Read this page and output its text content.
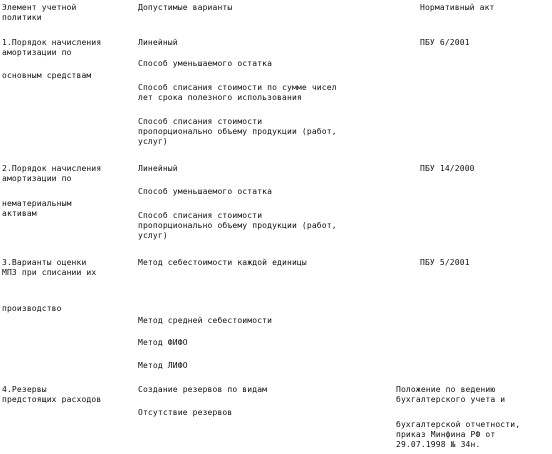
Элемент учетной
политики
Допустимые варианты	Нормативный акт
1.Порядок начисления
амортизации по
основным средствам
ПБУ 6/2001
Линейный
Способ уменьшаемого остатка
Способ списания стоимости по сумме чисел
лет срока полезного использования
Способ списания стоимости
пропорционально объему продукции (работ,
услуг)
2.Порядок начисления
амортизации по
нематериальным
активам
ПБУ 14/2000
Линейный
Способ уменьшаемого остатка
Способ списания стоимости
пропорционально объему продукции (работ,
услуг)
3.Варианты оценки
МПЗ при списании их
производство
ПБУ 5/2001
Метод себестоимости каждой единицы
Метод средней себестоимости
Метод ФИФО
Метод ЛИФО
4.Резервы
предстоящих расходов
Положение по ведению
бухгалтерского учета и
бухгалтерской отчетности,
приказ Минфина РФ от
29.07.1998 № 34н.
Создание резервов по видам
Отсутствие резервов
